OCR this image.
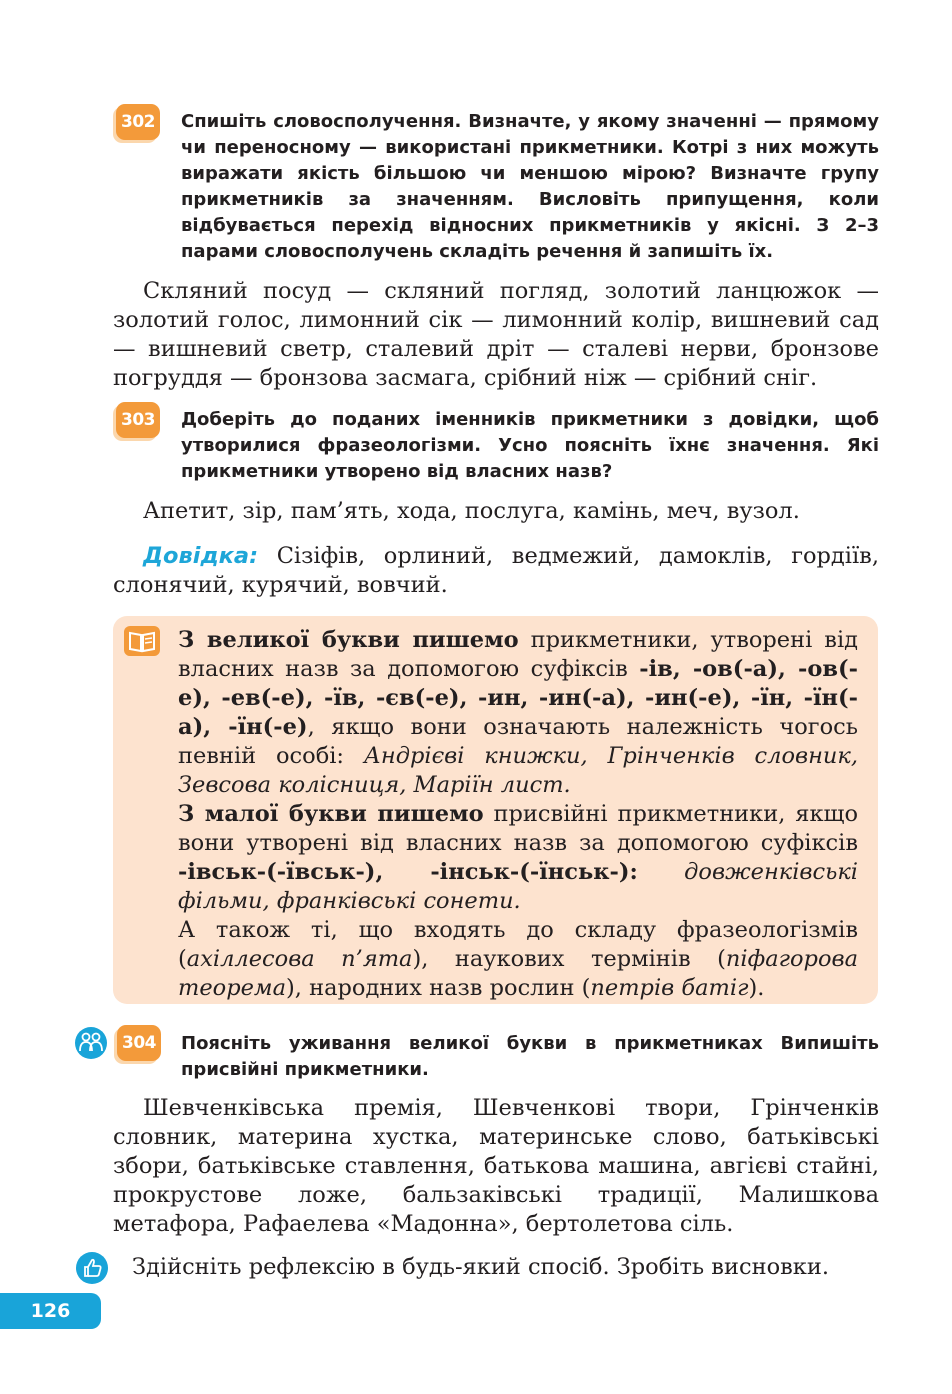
302 Спишіть словосполучення. Визначте, у якому значенні — прямому чи переносному — використані прикметники. Котрі з них можуть виражати якість більшою чи меншою мірою? Визначте групу прикметників за значенням. Висловіть припущення, коли відбувається перехід відносних прикметників у якісні. З 2–3 парами словосполучень складіть речення й запишіть їх.
Скляний посуд — скляний погляд, золотий ланцюжок — золотий голос, лимонний сік — лимонний колір, вишневий сад — вишневий светр, сталевий дріт — сталеві нерви, бронзове погруддя — бронзова засмага, срібний ніж — срібний сніг.
303 Доберіть до поданих іменників прикметники з довідки, щоб утворилися фразеологізми. Усно поясніть їхнє значення. Які прикметники утворено від власних назв?
Апетит, зір, пам’ять, хода, послуга, камінь, меч, вузол.
Довідка: Сізіфів, орлиний, ведмежий, дамоклів, гордіїв, слонячий, курячий, вовчий.

З великої букви пишемо прикметники, утворені від власних назв за допомогою суфіксів -ів, -ов(-а), -ов(-е), -ев(-е), -їв, -єв(-е), -ин, -ин(-а), -ин(-е), -їн, -їн(-а), -їн(-е), якщо вони означають належність чогось певній особі: Андрієві книжки, Грінченків словник, Зевсова колісниця, Маріїн лист.

З малої букви пишемо присвійні прикметники, якщо вони утворені від власних назв за допомогою суфіксів -івськ-(-ївськ-), -інськ-(-їнськ-): довженківські фільми, франківські сонети.

А також ті, що входять до складу фразеологізмів (ахіллесова п’ята), наукових термінів (піфагорова теорема), народних назв рослин (петрів батіг).

304 Поясніть уживання великої букви в прикметниках Випишіть присвійні прикметники.
Шевченківська премія, Шевченкові твори, Грінченків словник, материна хустка, материнське слово, батьківські збори, батьківське ставлення, батькова машина, авгієві стайні, прокрустове ложе, бальзаківські традиції, Малишкова метафора, Рафаелева «Мадонна», бертолетова сіль.
Здійсніть рефлексію в будь-який спосіб. Зробіть висновки.
126
